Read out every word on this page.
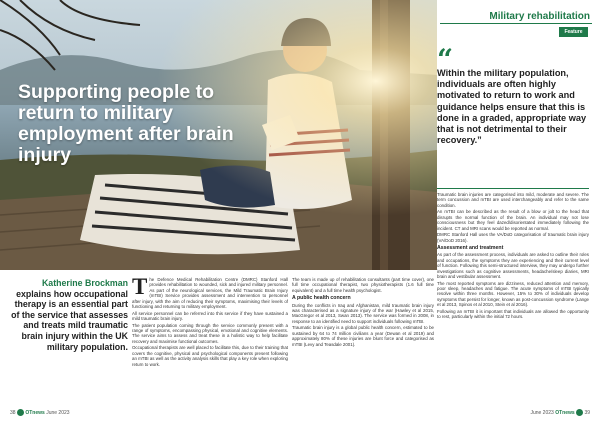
Supporting people to return to military employment after brain injury
Military rehabilitation
Feature
“
Within the military population, individuals are often highly motivated to return to work and guidance helps ensure that this is done in a graded, appropriate way that is not detrimental to their recovery.”
Katherine Brockman explains how occupational therapy is an essential part of the service that assesses and treats mild traumatic brain injury within the UK military population.

The Defence Medical Rehabilitation Centre (DMRC) Stanford Hall provides rehabilitation to wounded, sick and injured military personnel. As part of the neurological services, the Mild Traumatic Brain Injury (mTBI) Service provides assessment and intervention to personnel after injury, with the aim of reducing their symptoms, maximising their levels of functioning and returning to military employment.

All service personnel can be referred into this service if they have sustained a mild traumatic brain injury.

The patient population coming through the service commonly present with a range of symptoms, encompassing physical, emotional and cognitive elements. The service aims to assess and treat these in a holistic way to help facilitate recovery and maximise functional outcomes.

Occupational therapists are well placed to facilitate this, due to their training that covers the cognitive, physical and psychological components present following an mTBI as well as the activity analysis skills that play a key role when exploring return to work.

The team is made up of rehabilitation consultants (part time cover), one full time occupational therapist, two physiotherapists (1.6 full time equivalent) and a full time health psychologist.

A public health concern

During the conflicts in Iraq and Afghanistan, mild traumatic brain injury was characterised as a signature injury of the war (Hawley et al 2015, MacGregor et al 2013, Swan 2013). The service was formed in 2008, in response to an identified need to support individuals following mTBI.

Traumatic brain injury is a global public health concern, estimated to be sustained by 64 to 74 million civilians a year (Dewan et al 2019) and approximately 80% of these injuries are blunt force and categorised as mTBI (Levy and Teasdale 2001).

Traumatic brain injuries are categorised into mild, moderate and severe. The term concussion and mTBI are used interchangeably and refer to the same condition.

An mTBI can be described as the result of a blow or jolt to the head that disrupts the normal function of the brain. An individual may not lose consciousness but they feel dazed/disorientated immediately following the incident. CT and MRI scans would be reported as normal.

DMRC Stanford Hall uses the VA/DoD categorisation of traumatic brain injury (VA/DoD 2016).

Assessment and treatment

As part of the assessment process, individuals are asked to outline their roles and occupations, the symptoms they are experiencing and their current level of function. Following this semi-structured interview, they may undergo further investigations such as cognitive assessments, headache/sleep diaries, MRI brain and vestibular assessment.

The most reported symptoms are dizziness, reduced attention and memory, poor sleep, headaches and fatigue. The acute symptoms of mTBI typically resolve within three months. However, 15% to 30% of individuals develop symptoms that persist for longer, known as post-concussion syndrome (Lange et al 2013, Spinos et al 2010, Stein et al 2016).

Following an mTBI it is important that individuals are allowed the opportunity to rest, particularly within the initial 72 hours.

38 OTnews June 2023	June 2023 OTnews 39
